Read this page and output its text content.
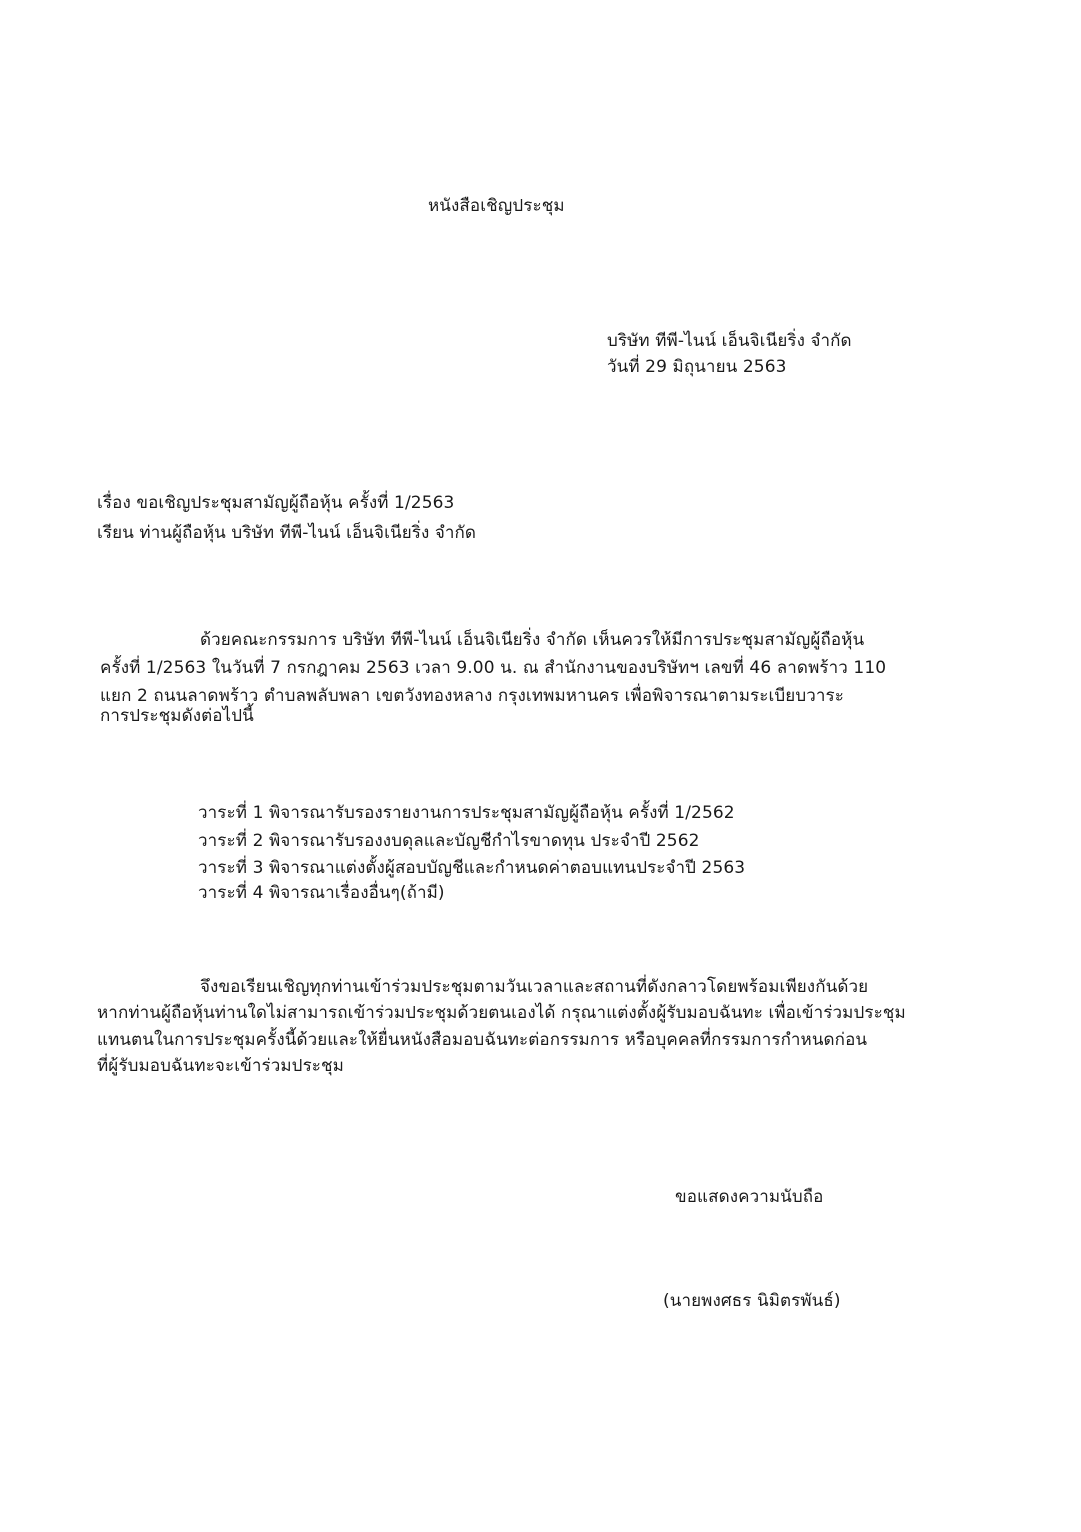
หนังสือเชิญประชุม
บริษัท ทีพี-ไนน์ เอ็นจิเนียริ่ง จำกัด
วันที่ 29 มิถุนายน 2563
เรื่อง ขอเชิญประชุมสามัญผู้ถือหุ้น ครั้งที่ 1/2563
เรียน ท่านผู้ถือหุ้น บริษัท ทีพี-ไนน์ เอ็นจิเนียริ่ง จำกัด
ด้วยคณะกรรมการ บริษัท ทีพี-ไนน์ เอ็นจิเนียริ่ง จำกัด เห็นควรให้มีการประชุมสามัญผู้ถือหุ้น
ครั้งที่ 1/2563 ในวันที่ 7 กรกฎาคม 2563 เวลา 9.00 น. ณ สำนักงานของบริษัทฯ เลขที่ 46 ลาดพร้าว 110
แยก 2 ถนนลาดพร้าว ตำบลพลับพลา เขตวังทองหลาง กรุงเทพมหานคร เพื่อพิจารณาตามระเบียบวาระ
การประชุมดังต่อไปนี้
วาระที่ 1 พิจารณารับรองรายงานการประชุมสามัญผู้ถือหุ้น ครั้งที่ 1/2562
วาระที่ 2 พิจารณารับรองงบดุลและบัญชีกำไรขาดทุน ประจำปี 2562
วาระที่ 3 พิจารณาแต่งตั้งผู้สอบบัญชีและกำหนดค่าตอบแทนประจำปี 2563
วาระที่ 4 พิจารณาเรื่องอื่นๆ(ถ้ามี)
จึงขอเรียนเชิญทุกท่านเข้าร่วมประชุมตามวันเวลาและสถานที่ดังกลาวโดยพร้อมเพียงกันด้วย
หากท่านผู้ถือหุ้นท่านใดไม่สามารถเข้าร่วมประชุมด้วยตนเองได้ กรุณาแต่งตั้งผู้รับมอบฉันทะ เพื่อเข้าร่วมประชุม
แทนตนในการประชุมครั้งนี้ด้วยและให้ยื่นหนังสือมอบฉันทะต่อกรรมการ หรือบุคคลที่กรรมการกำหนดก่อน
ที่ผู้รับมอบฉันทะจะเข้าร่วมประชุม
ขอแสดงความนับถือ
(นายพงศธร นิมิตรพันธ์)
